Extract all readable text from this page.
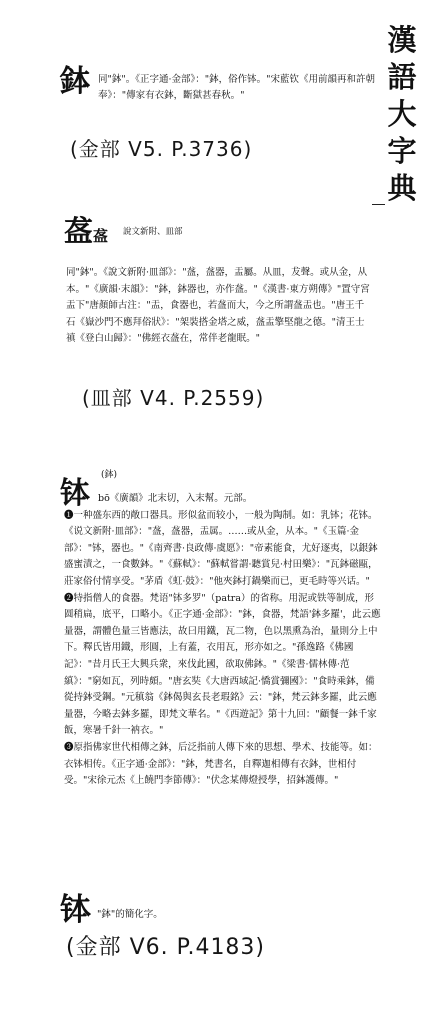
漢語大字典
鉢 同"鉢"。《正字通·金部》："鉢，俗作钵。"宋藍钦《用前韻再和許朝奉》："傳家有衣鉢，斷獄甚春秋。"
(金部 V5. P.3736)
盋盋 說文新附、皿部
同"鉢"。《說文新附·皿部》："盋，盋器，盂屬。从皿，犮聲。或从金，从本。"《廣韻·末韻》："鉢，鉢器也，亦作盋。"《漢書·東方朔傳》"置守宮盂下"唐顏師古注："盂，食器也，若盋而大，今之所謂盋盂也。"唐王千石《嶽沙門不應拜俗狀》："架裝搭金塔之威，盋盂擎堅龍之德。"清王士禛《登白山歸》："佛經衣盋在，常伴老龍眠。"
(皿部 V4. P.2559)
钵
(鉢)

bō《廣韻》北末切，入末幫。元部。

❶一种盛东西的敞口器具。形似盆而较小，一般为陶制。如：乳钵；花钵。《说文新附·皿部》："盋，盋器，盂属。……或从金，从本。"《玉篇·金部》："钵，器也。"《南齊書·良政傳·虞愿》："帝素能食，尤好逐夷，以銀鉢盛蜜漬之，一食數鉢。"《蘇軾》："蘇軾嘗謂·聽賞兒·村田樂》："瓦鉢磁甌，莊家俗付情享受。"茅盾《虹·鼓》："他夾鉢打鍋樂而已，更毛時等兴话。"

❷特指僧人的食器。梵语"钵多罗"（patra）的省称。用泥或铁等制成，形圆稍扁，底平，口略小。《正字通·金部》："鉢，食器，梵語'鉢多羅'，此云應量器，謂體色量三皆應法，故曰用鐵，瓦二物，色以黑熏為治，量則分上中下。釋氏皆用鐵，形圓，上有蓋，衣用瓦，形亦如之。"孫逸路《佛國記》："昔月氏王大興兵衆，來伐此國，欲取佛鉢。"《梁書·儒林傳·范縝》："窮如瓦，列時頗。"唐玄奘《大唐西域記·憍賞彌國》："食時乘鉢，備從持鉢受鋼。"元稹翁《鉢偈與玄長老瑕銘》云："鉢，梵云鉢多羅，此云應量器，今略去鉢多羅，即梵文華名。"《西遊記》第十九回："顧餐一鉢千家飯，寒暑千針一衲衣。"

❸原指佛家世代相傳之鉢，后泛指前人傳下來的思想、學术、技能等。如：衣钵相传。《正字通·金部》："鉢，梵書名，自釋迦相傳有衣鉢，世相付受。"宋徐元杰《上饒門李節傳》："伏念某傳燈授學，招鉢護傳。"

钵 "鉢"的簡化字。
(金部 V6. P.4183)
